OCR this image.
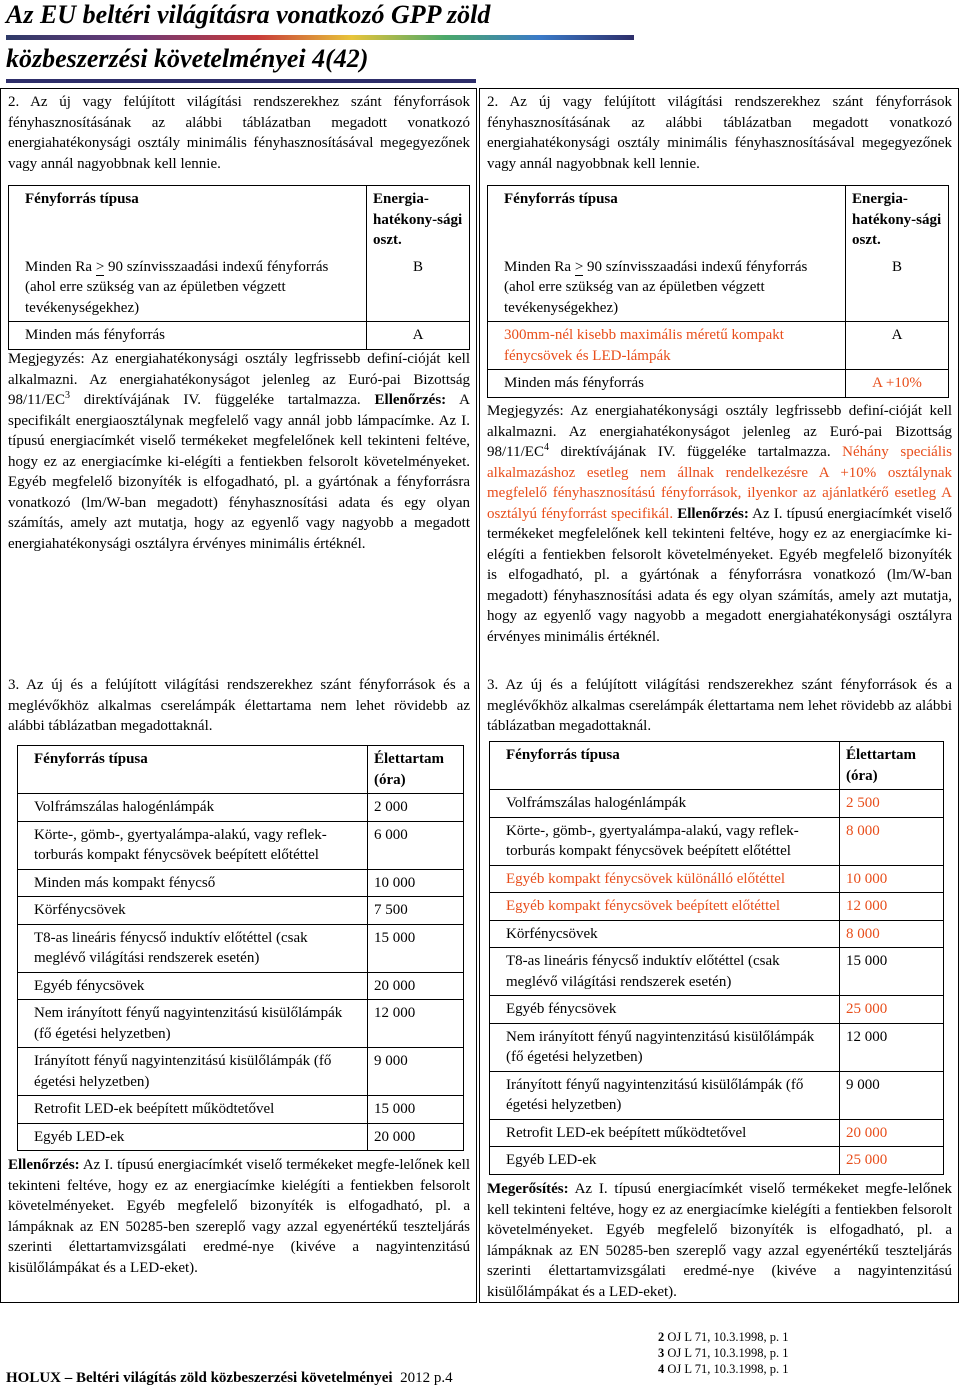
Az EU beltéri világításra vonatkozó GPP zöld
közbeszerzési követelményei 4(42)
2. Az új vagy felújított világítási rendszerekhez szánt fényforrások fényhasznosításának az alábbi táblázatban megadott vonatkozó energiahatékonysági osztály minimális fényhasznosításával megegyezőnek vagy annál nagyobbnak kell lennie.
Fényforrás típusa	Energia-hatékony-sági oszt.
Minden Ra > 90 színvisszaadási indexű fényforrás (ahol erre szükség van az épületben végzett tevékenységekhez)	B
Minden más fényforrás	A
Megjegyzés: Az energiahatékonysági osztály legfrissebb definí-cióját kell alkalmazni. Az energiahatékonyságot jelenleg az Euró-pai Bizottság $98/11/EC^3$ direktívájának IV. függeléke tartalmazza. Ellenőrzés: A specifikált energiaosztálynak megfelelő vagy annál jobb lámpacímke. Az I. típusú energiacímkét viselő termékeket megfelelőnek kell tekinteni feltéve, hogy ez az energiacímke ki-elégíti a fentiekben felsorolt követelményeket. Egyéb megfelelő bizonyíték is elfogadható, pl. a gyártónak a fényforrásra vonatkozó (lm/W-ban megadott) fényhasznosítási adata és egy olyan számítás, amely azt mutatja, hogy az egyenlő vagy nagyobb a megadott energiahatékonysági osztályra érvényes minimális értéknél.
3. Az új és a felújított világítási rendszerekhez szánt fényforrások és a meglévőkhöz alkalmas cserelámpák élettartama nem lehet rövidebb az alábbi táblázatban megadottaknál.
Fényforrás típusa	Élettartam (óra)
Volfrámszálas halogénlámpák	2 000
Körte-, gömb-, gyertyalámpa-alakú, vagy reflek-torburás kompakt fénycsövek beépített előtéttel	6 000
Minden más kompakt fénycső	10 000
Körfénycsövek	7 500
T8-as lineáris fénycső induktív előtéttel (csak meglévő világítási rendszerek esetén)	15 000
Egyéb fénycsövek	20 000
Nem irányított fényű nagyintenzitású kisülőlámpák (fő égetési helyzetben)	12 000
Irányított fényű nagyintenzitású kisülőlámpák (fő égetési helyzetben)	9 000
Retrofit LED-ek beépített működtetővel	15 000
Egyéb LED-ek	20 000
Ellenőrzés: Az I. típusú energiacímkét viselő termékeket megfe-lelőnek kell tekinteni feltéve, hogy ez az energiacímke kielégíti a fentiekben felsorolt követelményeket. Egyéb megfelelő bizonyíték is elfogadható, pl. a lámpáknak az EN 50285-ben szereplő vagy azzal egyenértékű teszteljárás szerinti élettartamvizsgálati eredmé-nye (kivéve a nagyintenzitású kisülőlámpákat és a LED-eket).
2. Az új vagy felújított világítási rendszerekhez szánt fényforrások fényhasznosításának az alábbi táblázatban megadott vonatkozó energiahatékonysági osztály minimális fényhasznosításával megegyezőnek vagy annál nagyobbnak kell lennie.
Fényforrás típusa	Energia-hatékony-sági oszt.
Minden Ra > 90 színvisszaadási indexű fényforrás (ahol erre szükség van az épületben végzett tevékenységekhez)	B
300mm-nél kisebb maximális méretű kompakt fénycsövek és LED-lámpák	A
Minden más fényforrás	A +10%
Megjegyzés: Az energiahatékonysági osztály legfrissebb definí-cióját kell alkalmazni. Az energiahatékonyságot jelenleg az Euró-pai Bizottság $98/11/EC^4$ direktívájának IV. függeléke tartalmazza. Néhány speciális alkalmazáshoz esetleg nem állnak rendelkezésre A +10% osztálynak megfelelő fényhasznosítású fényforrások, ilyenkor az ajánlatkérő esetleg A osztályú fényforrást specifikál. Ellenőrzés: Az I. típusú energiacímkét viselő termékeket megfelelőnek kell tekinteni feltéve, hogy ez az energiacímke ki-elégíti a fentiekben felsorolt követelményeket. Egyéb megfelelő bizonyíték is elfogadható, pl. a gyártónak a fényforrásra vonatkozó (lm/W-ban megadott) fényhasznosítási adata és egy olyan számítás, amely azt mutatja, hogy az egyenlő vagy nagyobb a megadott energiahatékonysági osztályra érvényes minimális értéknél.
3. Az új és a felújított világítási rendszerekhez szánt fényforrások és a meglévőkhöz alkalmas cserelámpák élettartama nem lehet rövidebb az alábbi táblázatban megadottaknál.
Fényforrás típusa	Élettartam (óra)
Volfrámszálas halogénlámpák	2 500
Körte-, gömb-, gyertyalámpa-alakú, vagy reflek-torburás kompakt fénycsövek beépített előtéttel	8 000
Egyéb kompakt fénycsövek különálló előtéttel	10 000
Egyéb kompakt fénycsövek beépített előtéttel	12 000
Körfénycsövek	8 000
T8-as lineáris fénycső induktív előtéttel (csak meglévő világítási rendszerek esetén)	15 000
Egyéb fénycsövek	25 000
Nem irányított fényű nagyintenzitású kisülőlámpák (fő égetési helyzetben)	12 000
Irányított fényű nagyintenzitású kisülőlámpák (fő égetési helyzetben)	9 000
Retrofit LED-ek beépített működtetővel	20 000
Egyéb LED-ek	25 000
Megerősítés: Az I. típusú energiacímkét viselő termékeket megfe-lelőnek kell tekinteni feltéve, hogy ez az energiacímke kielégíti a fentiekben felsorolt követelményeket. Egyéb megfelelő bizonyíték is elfogadható, pl. a lámpáknak az EN 50285-ben szereplő vagy azzal egyenértékű teszteljárás szerinti élettartamvizsgálati eredmé-nye (kivéve a nagyintenzitású kisülőlámpákat és a LED-eket).
HOLUX – Beltéri világítás zöld közbeszerzési követelményei 2012 p.4
2 OJ L 71, 10.3.1998, p. 1
3 OJ L 71, 10.3.1998, p. 1
4 OJ L 71, 10.3.1998, p. 1
